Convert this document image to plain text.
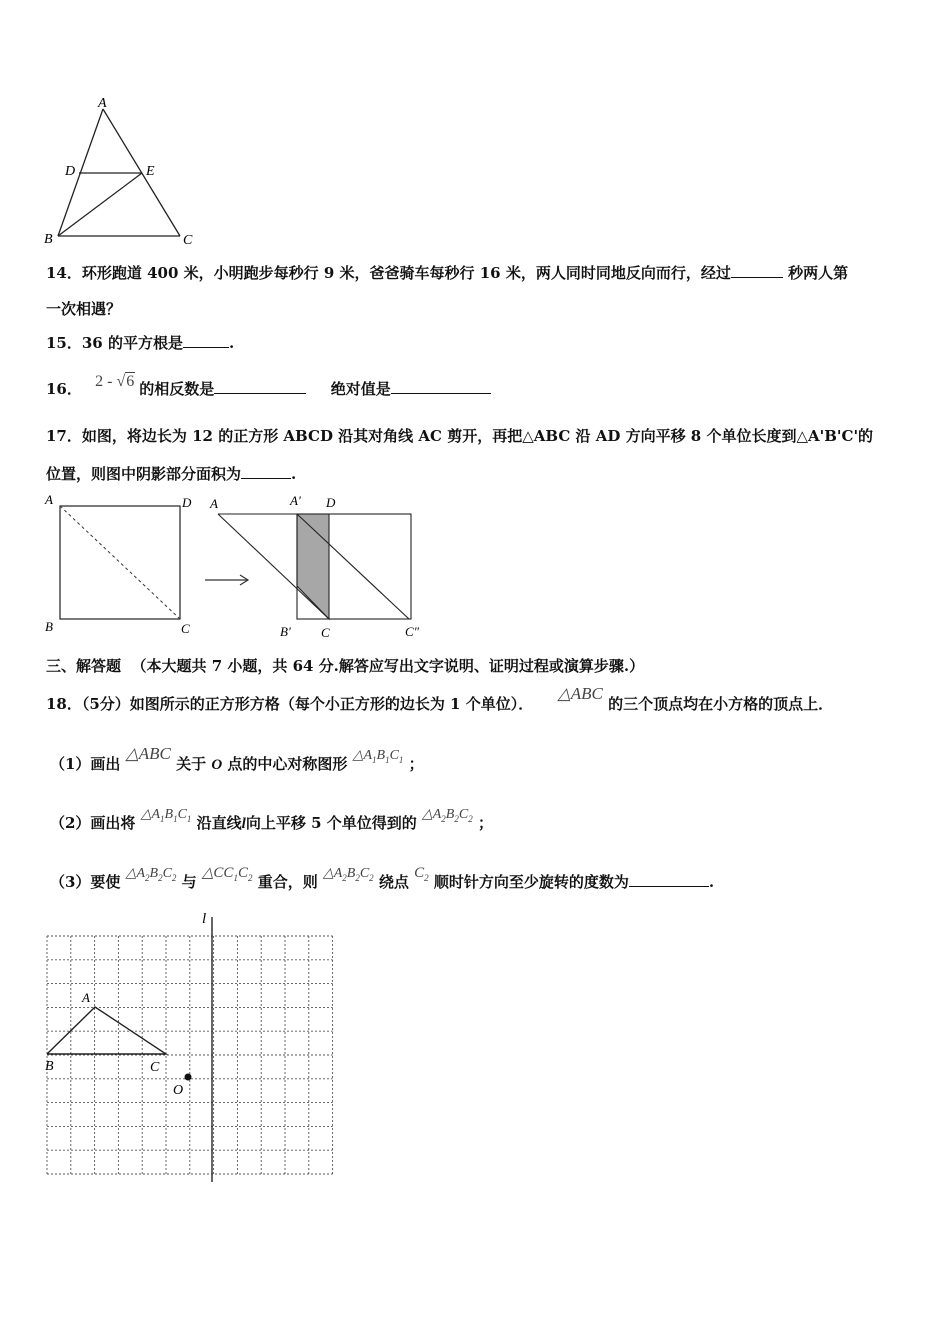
A
D	E
B	C
14．环形跑道 400 米，小明跑步每秒行 9 米，爸爸骑车每秒行 16 米，两人同时同地反向而行，经过	秒两人第
一次相遇？
15．36 的平方根是	.
16． 2 - √6 的相反数是	绝对值是
17．如图，将边长为 12 的正方形 ABCD 沿其对角线 AC 剪开，再把△ABC 沿 AD 方向平移 8 个单位长度到△A'B'C'的
位置，则图中阴影部分面积为	.
A	D
B	C
A	A′ D
B′ C	C″
三、解答题 （本大题共 7 小题，共 64 分.解答应写出文字说明、证明过程或演算步骤.）
18．（5分）如图所示的正方形方格（每个小正方形的边长为 1 个单位）．  △ABC 的三个顶点均在小方格的顶点上．
（1）画出 △ABC 关于 O 点的中心对称图形 $\triangle A_1B_1C_1$ ；
（2）画出将 $\triangle A_1B_1C_1$ 沿直线l向上平移 5 个单位得到的 $\triangle A_2B_2C_2$ ；
（3）要使 $\triangle A_2B_2C_2$ 与 $\triangle CC_1C_2$ 重合，则 $\triangle A_2B_2C_2$ 绕点 $C_2$ 顺时针方向至少旋转的度数为	.
l
A
B	C
O
